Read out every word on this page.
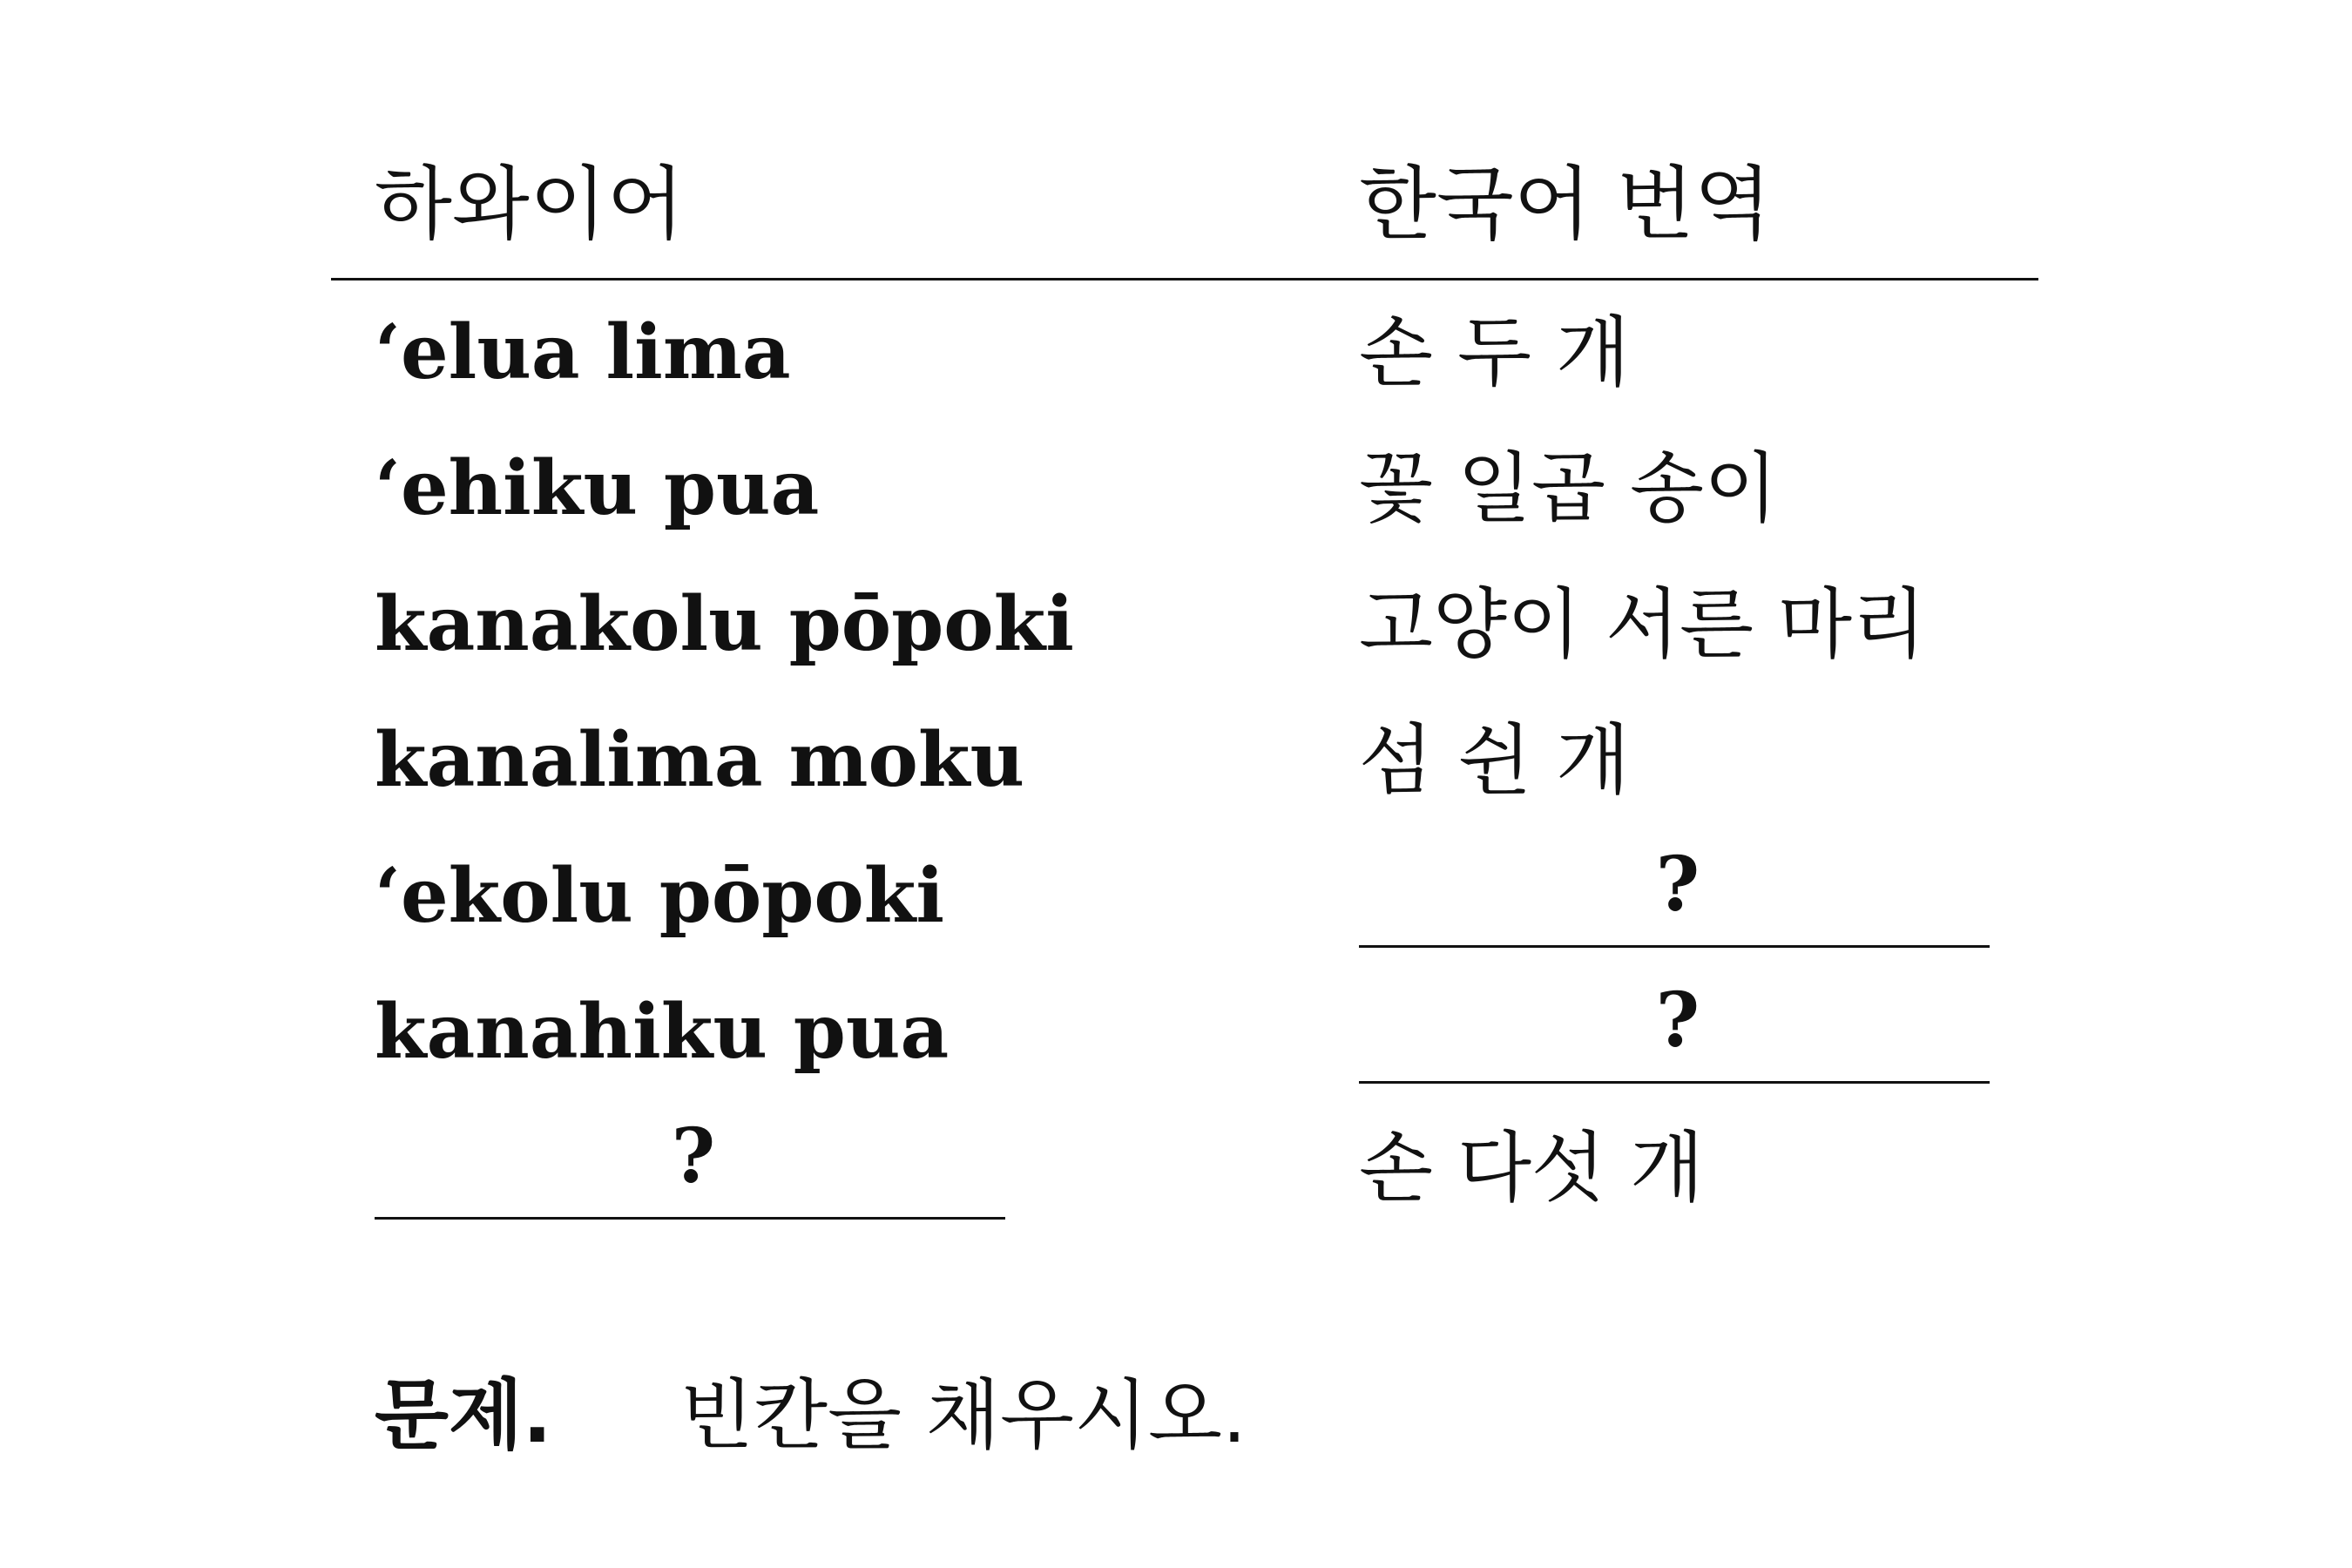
하와이어	한국어 번역
‘elua lima	손 두 개
‘ehiku pua	꽃 일곱 송이
kanakolu pōpoki	고양이 서른 마리
kanalima moku	섬 쉰 개
‘ekolu pōpoki	?
kanahiku pua	?
?	손 다섯 개
문제. 빈칸을 채우시오.
